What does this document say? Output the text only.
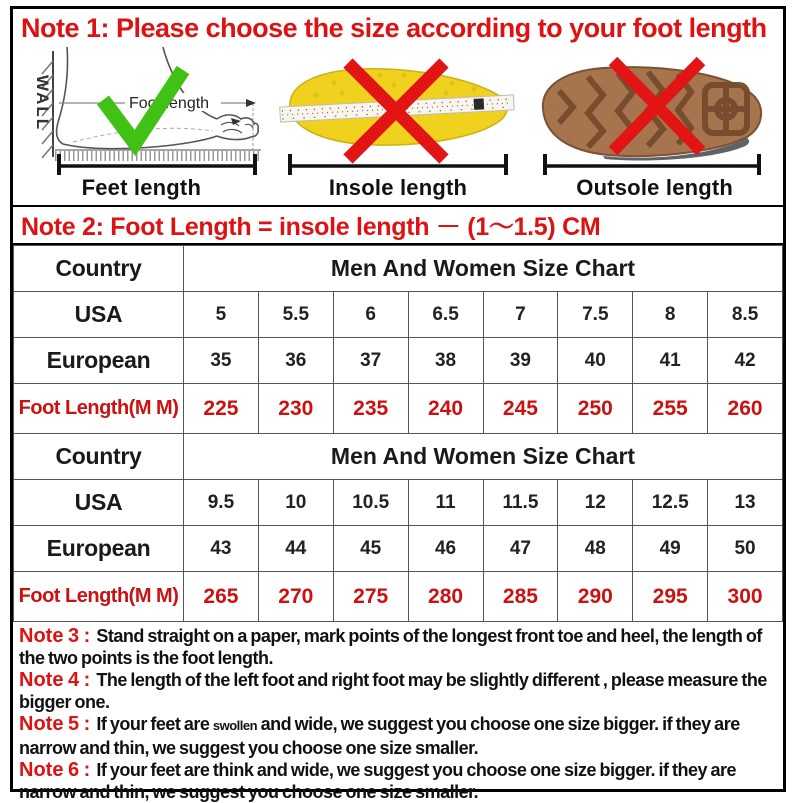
Note 1: Please choose the size according to your foot length
WALL	Foot length
Feet length	Insole length	Outsole length
Note 2: Foot Length = insole length － (1～1.5) CM
Country	Men And Women Size Chart							
USA	5	5.5	6	6.5	7	7.5	8	8.5
European	35	36	37	38	39	40	41	42
Foot Length(M M)	225	230	235	240	245	250	255	260
Country	Men And Women Size Chart							
USA	9.5	10	10.5	11	11.5	12	12.5	13
European	43	44	45	46	47	48	49	50
Foot Length(M M)	265	270	275	280	285	290	295	300
Note 3 : Stand straight on a paper, mark points of the longest front toe and heel, the length of the two points is the foot length.
Note 4 : The length of the left foot and right foot may be slightly different , please measure the bigger one.
Note 5 : If your feet are swollen and wide, we suggest you choose one size bigger. if they are narrow and thin, we suggest you choose one size smaller.
Note 6 : If your feet are think and wide, we suggest you choose one size bigger. if they are narrow and thin, we suggest you choose one size smaller.
